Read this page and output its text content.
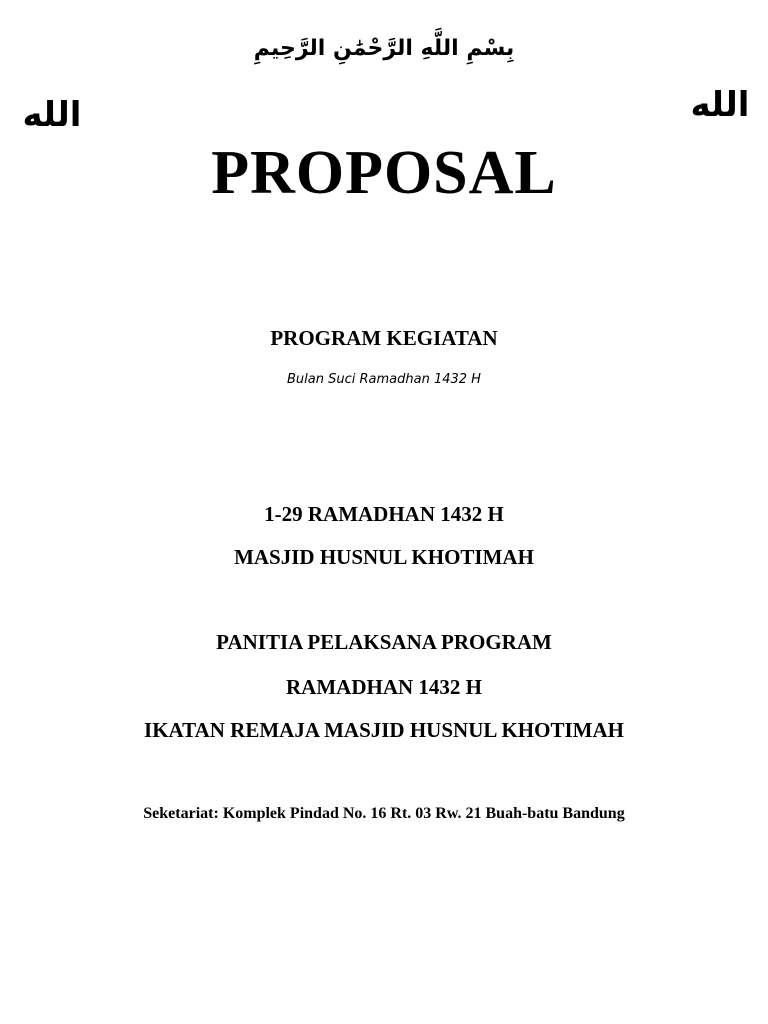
بِسْمِ اللَّهِ الرَّحْمَٰنِ الرَّحِيمِ
الله	الله
PROPOSAL
PROGRAM KEGIATAN
Bulan Suci Ramadhan 1432 H
1-29 RAMADHAN 1432 H
MASJID HUSNUL KHOTIMAH
PANITIA PELAKSANA PROGRAM
RAMADHAN 1432 H
IKATAN REMAJA MASJID HUSNUL KHOTIMAH
Seketariat: Komplek Pindad No. 16 Rt. 03 Rw. 21 Buah-batu Bandung
